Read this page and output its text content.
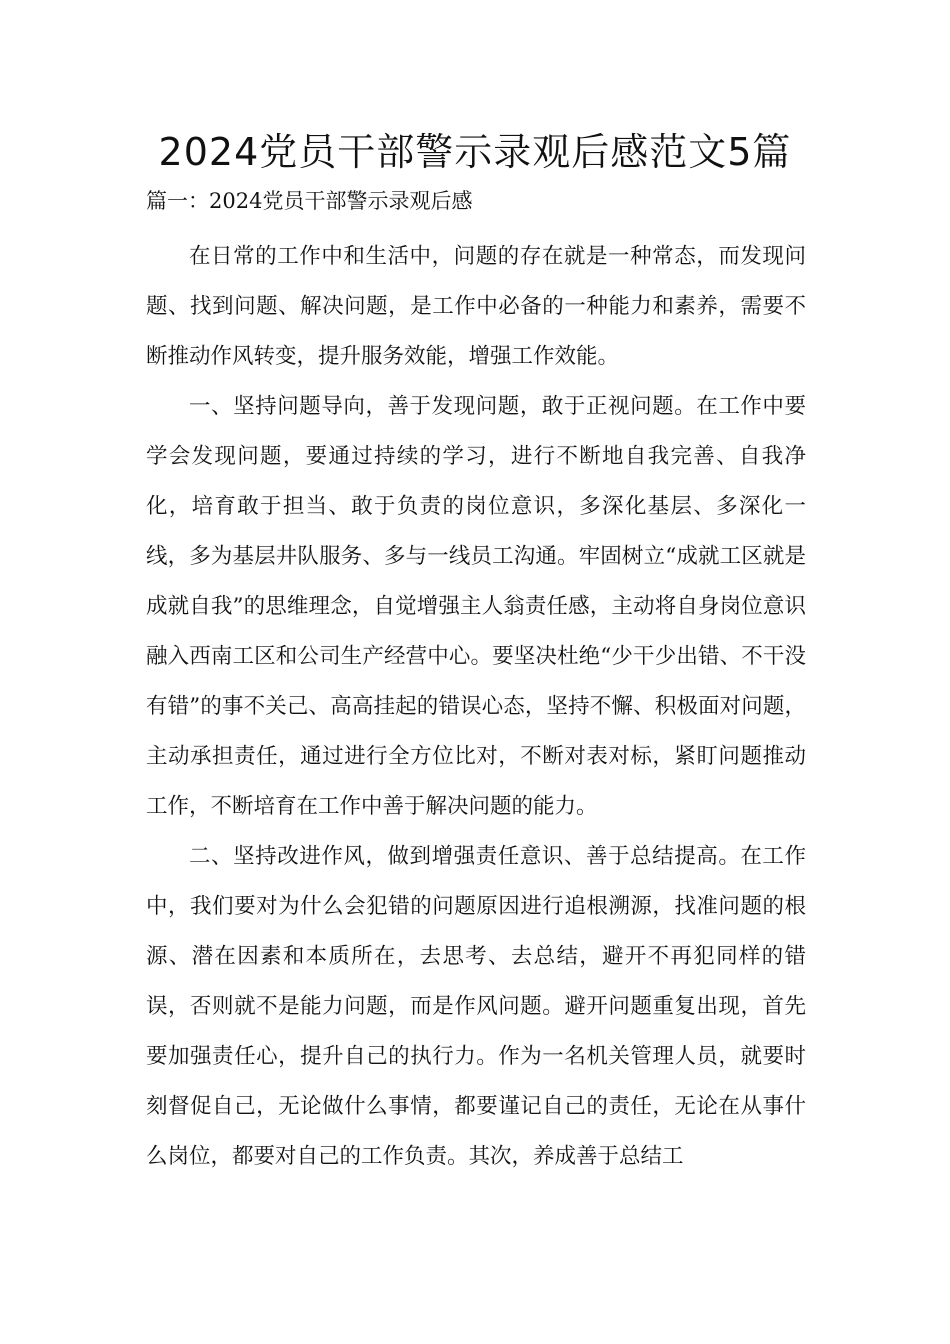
2024党员干部警示录观后感范文5篇
篇一：2024党员干部警示录观后感

在日常的工作中和生活中，问题的存在就是一种常态，而发现问题、找到问题、解决问题，是工作中必备的一种能力和素养，需要不断推动作风转变，提升服务效能，增强工作效能。

一、坚持问题导向，善于发现问题，敢于正视问题。在工作中要学会发现问题，要通过持续的学习，进行不断地自我完善、自我净化，培育敢于担当、敢于负责的岗位意识，多深化基层、多深化一线，多为基层井队服务、多与一线员工沟通。牢固树立“成就工区就是成就自我”的思维理念，自觉增强主人翁责任感，主动将自身岗位意识融入西南工区和公司生产经营中心。要坚决杜绝“少干少出错、不干没有错”的事不关己、高高挂起的错误心态，坚持不懈、积极面对问题，主动承担责任，通过进行全方位比对，不断对表对标，紧盯问题推动工作，不断培育在工作中善于解决问题的能力。

二、坚持改进作风，做到增强责任意识、善于总结提高。在工作中，我们要对为什么会犯错的问题原因进行追根溯源，找准问题的根源、潜在因素和本质所在，去思考、去总结，避开不再犯同样的错误，否则就不是能力问题，而是作风问题。避开问题重复出现，首先要加强责任心，提升自己的执行力。作为一名机关管理人员，就要时刻督促自己，无论做什么事情，都要谨记自己的责任，无论在从事什么岗位，都要对自己的工作负责。其次，养成善于总结工
